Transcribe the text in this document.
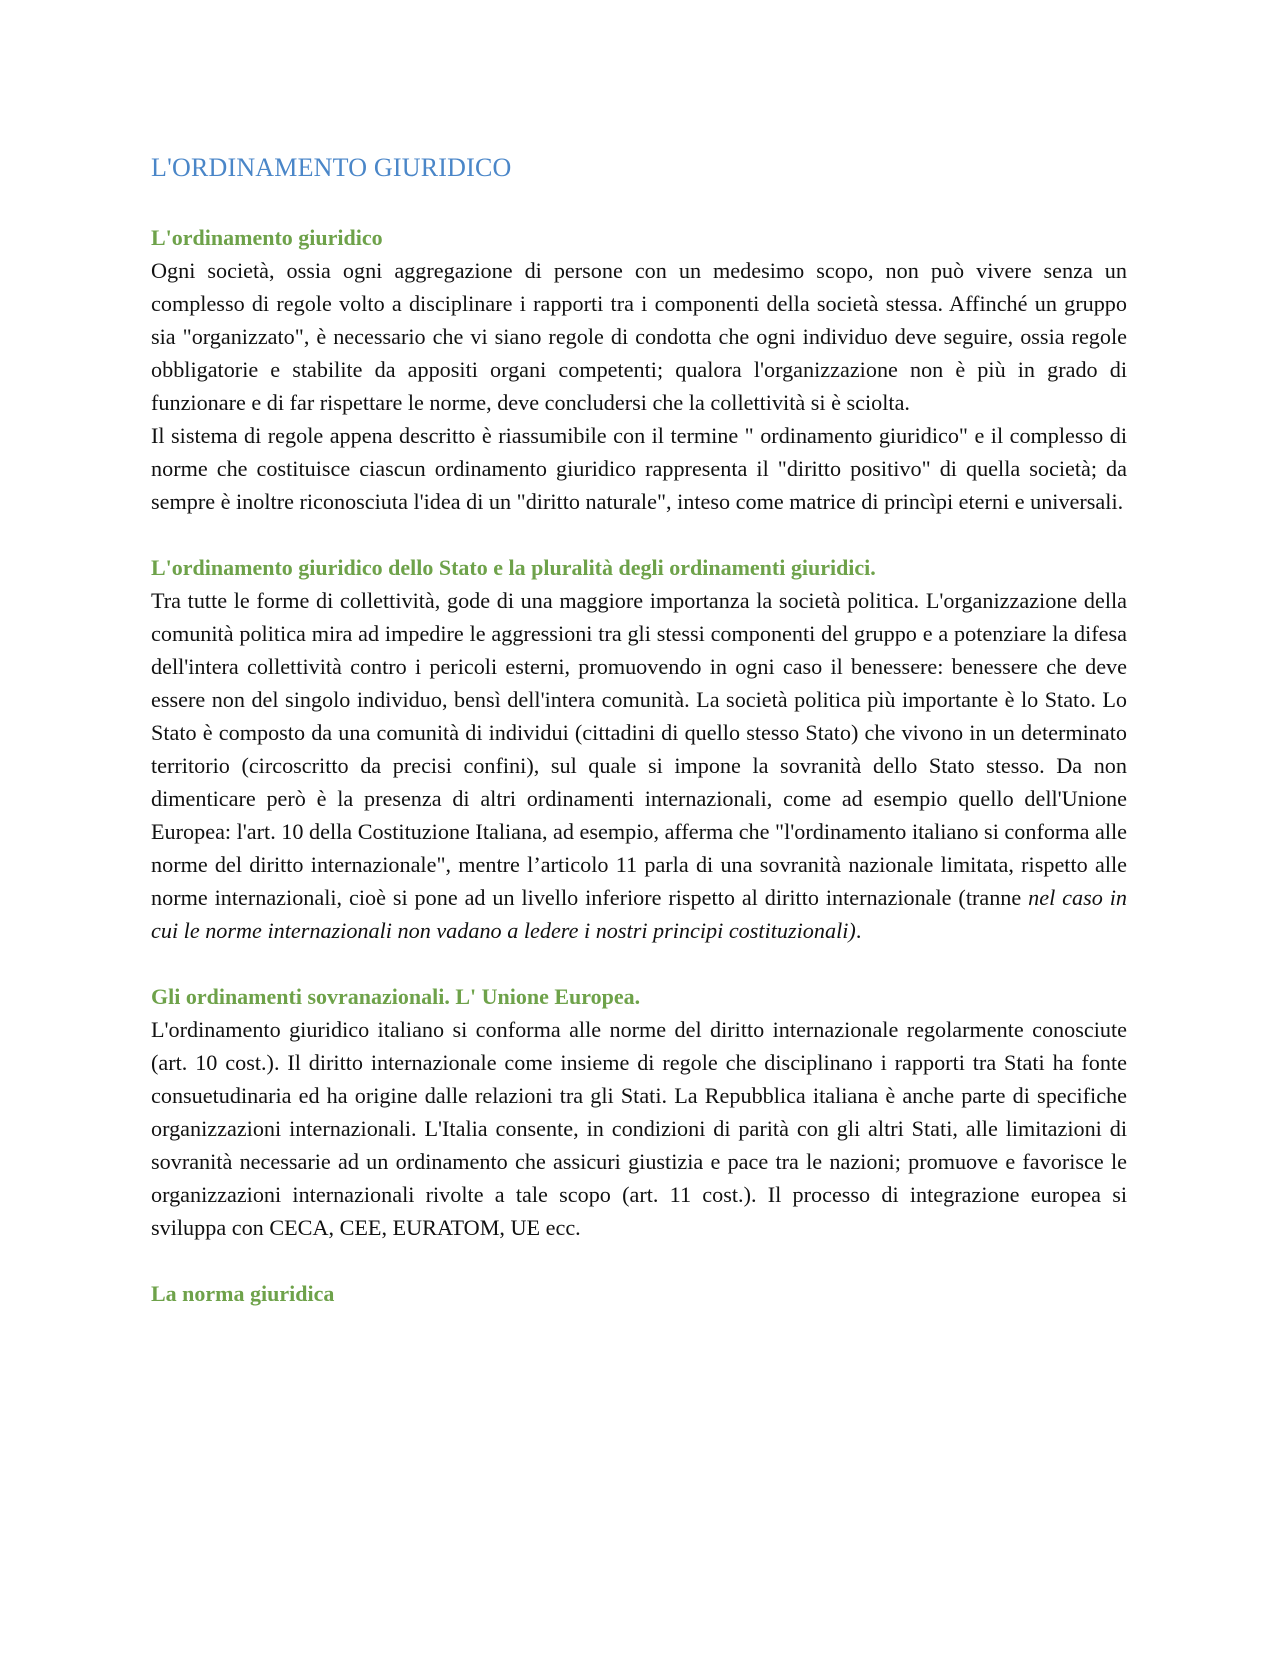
L'ORDINAMENTO GIURIDICO
L'ordinamento giuridico

Ogni società, ossia ogni aggregazione di persone con un medesimo scopo, non può vivere senza un complesso di regole volto a disciplinare i rapporti tra i componenti della società stessa. Affinché un gruppo sia "organizzato", è necessario che vi siano regole di condotta che ogni individuo deve seguire, ossia regole obbligatorie e stabilite da appositi organi competenti; qualora l'organizzazione non è più in grado di funzionare e di far rispettare le norme, deve concludersi che la collettività si è sciolta.

Il sistema di regole appena descritto è riassumibile con il termine " ordinamento giuridico" e il complesso di norme che costituisce ciascun ordinamento giuridico rappresenta il "diritto positivo" di quella società; da sempre è inoltre riconosciuta l'idea di un "diritto naturale", inteso come matrice di princìpi eterni e universali.

L'ordinamento giuridico dello Stato e la pluralità degli ordinamenti giuridici.

Tra tutte le forme di collettività, gode di una maggiore importanza la società politica. L'organizzazione della comunità politica mira ad impedire le aggressioni tra gli stessi componenti del gruppo e a potenziare la difesa dell'intera collettività contro i pericoli esterni, promuovendo in ogni caso il benessere: benessere che deve essere non del singolo individuo, bensì dell'intera comunità. La società politica più importante è lo Stato. Lo Stato è composto da una comunità di individui (cittadini di quello stesso Stato) che vivono in un determinato territorio (circoscritto da precisi confini), sul quale si impone la sovranità dello Stato stesso. Da non dimenticare però è la presenza di altri ordinamenti internazionali, come ad esempio quello dell'Unione Europea: l'art. 10 della Costituzione Italiana, ad esempio, afferma che "l'ordinamento italiano si conforma alle norme del diritto internazionale", mentre l’articolo 11 parla di una sovranità nazionale limitata, rispetto alle norme internazionali, cioè si pone ad un livello inferiore rispetto al diritto internazionale (tranne nel caso in cui le norme internazionali non vadano a ledere i nostri principi costituzionali).

Gli ordinamenti sovranazionali. L' Unione Europea.

L'ordinamento giuridico italiano si conforma alle norme del diritto internazionale regolarmente conosciute (art. 10 cost.). Il diritto internazionale come insieme di regole che disciplinano i rapporti tra Stati ha fonte consuetudinaria ed ha origine dalle relazioni tra gli Stati. La Repubblica italiana è anche parte di specifiche organizzazioni internazionali. L'Italia consente, in condizioni di parità con gli altri Stati, alle limitazioni di sovranità necessarie ad un ordinamento che assicuri giustizia e pace tra le nazioni; promuove e favorisce le organizzazioni internazionali rivolte a tale scopo (art. 11 cost.). Il processo di integrazione europea si sviluppa con CECA, CEE, EURATOM, UE ecc.

La norma giuridica
